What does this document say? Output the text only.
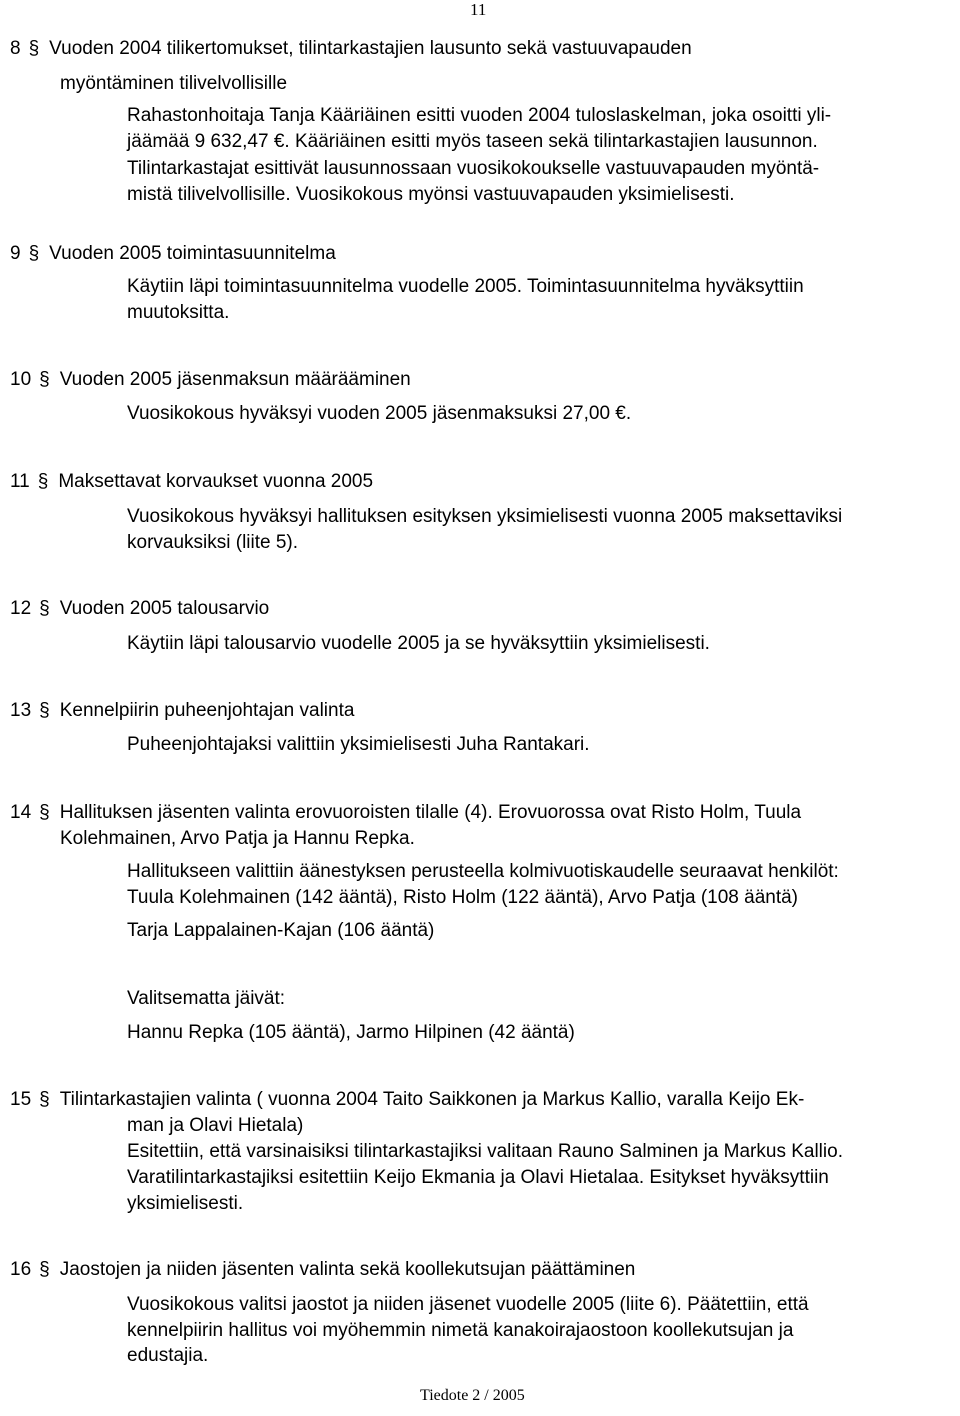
11
8 § Vuoden 2004 tilikertomukset, tilintarkastajien lausunto sekä vastuuvapauden
myöntäminen tilivelvollisille
Rahastonhoitaja Tanja Kääriäinen esitti vuoden 2004 tuloslaskelman, joka osoitti yli-
jäämää 9 632,47 €. Kääriäinen esitti myös taseen sekä tilintarkastajien lausunnon.
Tilintarkastajat esittivät lausunnossaan vuosikokoukselle vastuuvapauden myöntä-
mistä tilivelvollisille. Vuosikokous myönsi vastuuvapauden yksimielisesti.
9 § Vuoden 2005 toimintasuunnitelma
Käytiin läpi toimintasuunnitelma vuodelle 2005. Toimintasuunnitelma hyväksyttiin
muutoksitta.
10 § Vuoden 2005 jäsenmaksun määrääminen
Vuosikokous hyväksyi vuoden 2005 jäsenmaksuksi 27,00 €.
11 § Maksettavat korvaukset vuonna 2005
Vuosikokous hyväksyi hallituksen esityksen yksimielisesti vuonna 2005 maksettaviksi
korvauksiksi (liite 5).
12 § Vuoden 2005 talousarvio
Käytiin läpi talousarvio vuodelle 2005 ja se hyväksyttiin yksimielisesti.
13 § Kennelpiirin puheenjohtajan valinta
Puheenjohtajaksi valittiin yksimielisesti Juha Rantakari.
14 § Hallituksen jäsenten valinta erovuoroisten tilalle (4). Erovuorossa ovat Risto Holm, Tuula
Kolehmainen, Arvo Patja ja Hannu Repka.
Hallitukseen valittiin äänestyksen perusteella kolmivuotiskaudelle seuraavat henkilöt:
Tuula Kolehmainen (142 ääntä), Risto Holm (122 ääntä), Arvo Patja (108 ääntä)
Tarja Lappalainen-Kajan (106 ääntä)
Valitsematta jäivät:
Hannu Repka (105 ääntä), Jarmo Hilpinen (42 ääntä)
15 § Tilintarkastajien valinta ( vuonna 2004 Taito Saikkonen ja Markus Kallio, varalla Keijo Ek-
man ja Olavi Hietala)
Esitettiin, että varsinaisiksi tilintarkastajiksi valitaan Rauno Salminen ja Markus Kallio.
Varatilintarkastajiksi esitettiin Keijo Ekmania ja Olavi Hietalaa. Esitykset hyväksyttiin
yksimielisesti.
16 § Jaostojen ja niiden jäsenten valinta sekä koollekutsujan päättäminen
Vuosikokous valitsi jaostot ja niiden jäsenet vuodelle 2005 (liite 6). Päätettiin, että
kennelpiirin hallitus voi myöhemmin nimetä kanakoirajaostoon koollekutsujan ja
edustajia.
Tiedote 2 / 2005
